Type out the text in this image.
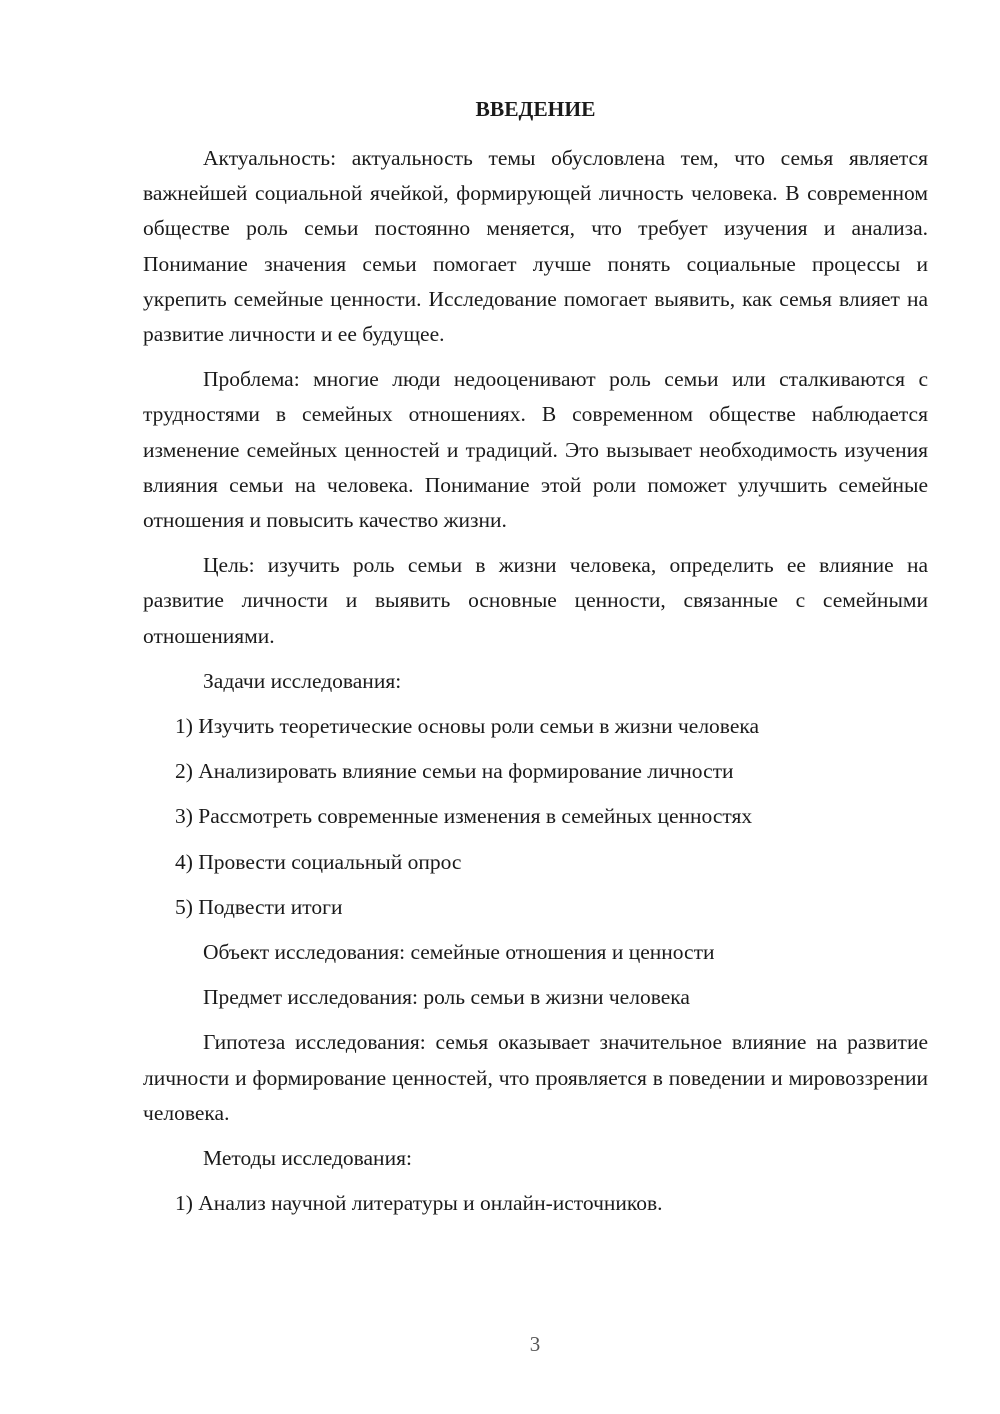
ВВЕДЕНИЕ

Актуальность: актуальность темы обусловлена тем, что семья является важнейшей социальной ячейкой, формирующей личность человека. В современном обществе роль семьи постоянно меняется, что требует изучения и анализа. Понимание значения семьи помогает лучше понять социальные процессы и укрепить семейные ценности. Исследование помогает выявить, как семья влияет на развитие личности и ее будущее.

Проблема: многие люди недооценивают роль семьи или сталкиваются с трудностями в семейных отношениях. В современном обществе наблюдается изменение семейных ценностей и традиций. Это вызывает необходимость изучения влияния семьи на человека. Понимание этой роли поможет улучшить семейные отношения и повысить качество жизни.

Цель: изучить роль семьи в жизни человека, определить ее влияние на развитие личности и выявить основные ценности, связанные с семейными отношениями.

Задачи исследования:
1) Изучить теоретические основы роли семьи в жизни человека
2) Анализировать влияние семьи на формирование личности
3) Рассмотреть современные изменения в семейных ценностях
4) Провести социальный опрос
5) Подвести итоги
Объект исследования: семейные отношения и ценности
Предмет исследования: роль семьи в жизни человека

Гипотеза исследования: семья оказывает значительное влияние на развитие личности и формирование ценностей, что проявляется в поведении и мировоззрении человека.

Методы исследования:
1) Анализ научной литературы и онлайн-источников.
3
